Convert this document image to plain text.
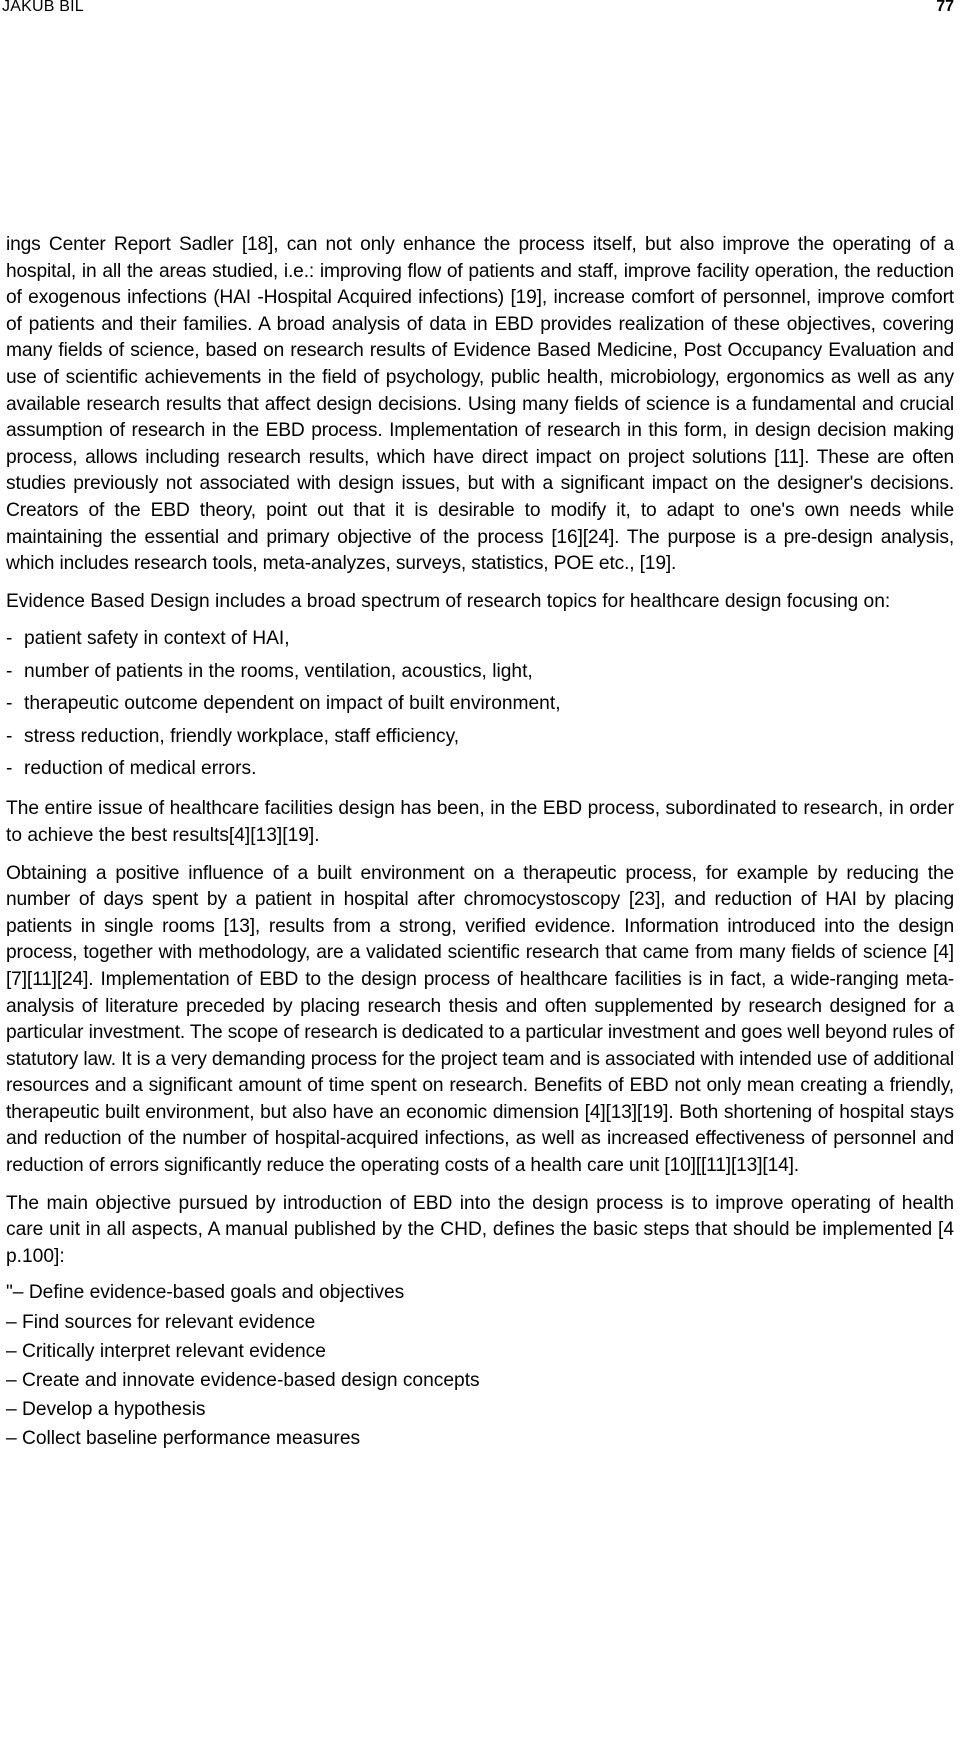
JAKUB BIL	77

ings Center Report Sadler [18], can not only enhance the process itself, but also improve the operating of a hospital, in all the areas studied, i.e.: improving flow of patients and staff, improve facility operation, the reduction of exogenous infections (HAI -Hospital Acquired infections) [19], increase comfort of personnel, improve comfort of patients and their families. A broad analysis of data in EBD provides realization of these objectives, covering many fields of science, based on research results of Evidence Based Medicine, Post Occupancy Evaluation and use of scientific achievements in the field of psychology, public health, microbiology, ergonomics as well as any available research results that affect design decisions. Using many fields of science is a fundamental and crucial assumption of research in the EBD process. Implementation of research in this form, in design decision making process, allows including research results, which have direct impact on project solutions [11]. These are often studies previously not associated with design issues, but with a significant impact on the designer's decisions. Creators of the EBD theory, point out that it is desirable to modify it, to adapt to one's own needs while maintaining the essential and primary objective of the process [16][24]. The purpose is a pre-design analysis, which includes research tools, meta-analyzes, surveys, statistics, POE etc., [19].

Evidence Based Design includes a broad spectrum of research topics for healthcare design focusing on:

- patient safety in context of HAI,
- number of patients in the rooms, ventilation, acoustics, light,
- therapeutic outcome dependent on impact of built environment,
- stress reduction, friendly workplace, staff efficiency,
- reduction of medical errors.

The entire issue of healthcare facilities design has been, in the EBD process, subordinated to research, in order to achieve the best results[4][13][19].

Obtaining a positive influence of a built environment on a therapeutic process, for example by reducing the number of days spent by a patient in hospital after chromocystoscopy [23], and reduction of HAI by placing patients in single rooms [13], results from a strong, verified evidence. Information introduced into the design process, together with methodology, are a validated scientific research that came from many fields of science [4][7][11][24]. Implementation of EBD to the design process of healthcare facilities is in fact, a wide-ranging meta-analysis of literature preceded by placing research thesis and often supplemented by research designed for a particular investment. The scope of research is dedicated to a particular investment and goes well beyond rules of statutory law. It is a very demanding process for the project team and is associated with intended use of additional resources and a significant amount of time spent on research. Benefits of EBD not only mean creating a friendly, therapeutic built environment, but also have an economic dimension [4][13][19]. Both shortening of hospital stays and reduction of the number of hospital-acquired infections, as well as increased effectiveness of personnel and reduction of errors significantly reduce the operating costs of a health care unit [10][[11][13][14].

The main objective pursued by introduction of EBD into the design process is to improve operating of health care unit in all aspects, A manual published by the CHD, defines the basic steps that should be implemented [4 p.100]:

"– Define evidence-based goals and objectives
– Find sources for relevant evidence
– Critically interpret relevant evidence
– Create and innovate evidence-based design concepts
– Develop a hypothesis
– Collect baseline performance measures
